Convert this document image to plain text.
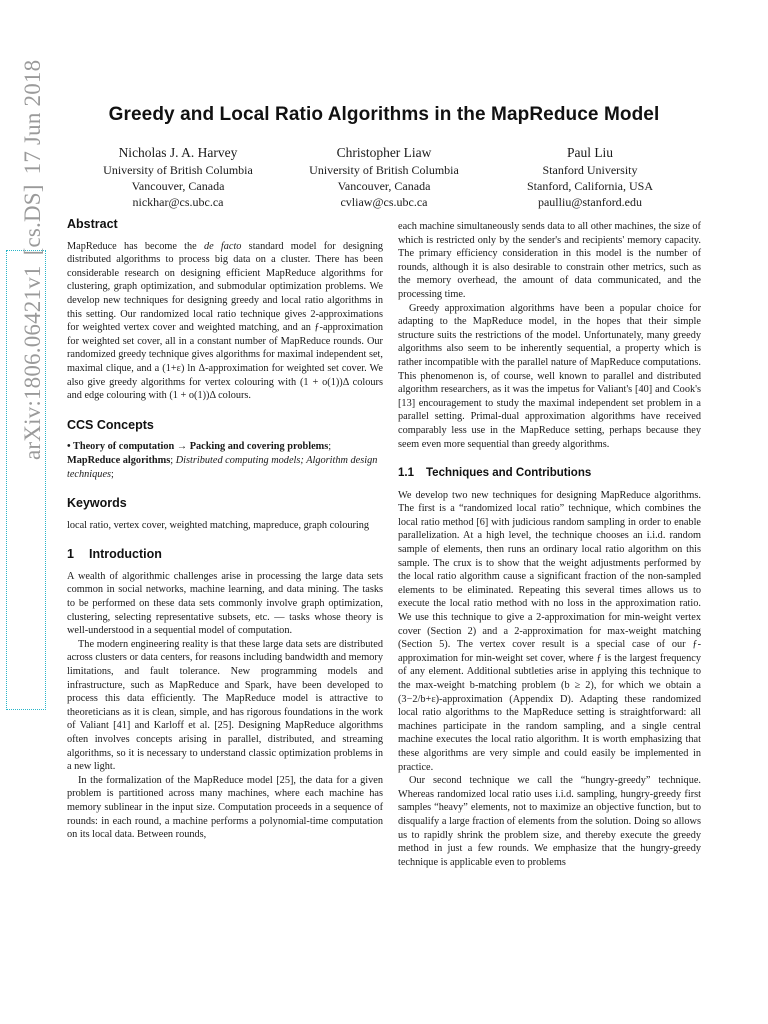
arXiv:1806.06421v1[cs.DS]17 Jun 2018	Greedy and Local Ratio Algorithms in the MapReduce Model
Nicholas J. A. Harvey
University of British Columbia
Vancouver, Canada
nickhar@cs.ubc.ca
Christopher Liaw
University of British Columbia
Vancouver, Canada
cvliaw@cs.ubc.ca
Paul Liu
Stanford University
Stanford, California, USA
paulliu@stanford.edu
Abstract

MapReduce has become the de facto standard model for designing distributed algorithms to process big data on a cluster. There has been considerable research on designing efficient MapReduce algorithms for clustering, graph optimization, and submodular optimization problems. We develop new techniques for designing greedy and local ratio algorithms in this setting. Our randomized local ratio technique gives 2-approximations for weighted vertex cover and weighted matching, and an ƒ-approximation for weighted set cover, all in a constant number of MapReduce rounds. Our randomized greedy technique gives algorithms for maximal independent set, maximal clique, and a (1+ε) ln Δ-approximation for weighted set cover. We also give greedy algorithms for vertex colouring with (1 + o(1))Δ colours and edge colouring with (1 + o(1))Δ colours.

CCS Concepts

• Theory of computation → Packing and covering problems; MapReduce algorithms; Distributed computing models; Algorithm design techniques;

Keywords

local ratio, vertex cover, weighted matching, mapreduce, graph colouring

1 Introduction

A wealth of algorithmic challenges arise in processing the large data sets common in social networks, machine learning, and data mining. The tasks to be performed on these data sets commonly involve graph optimization, clustering, selecting representative subsets, etc. — tasks whose theory is well-understood in a sequential model of computation.

The modern engineering reality is that these large data sets are distributed across clusters or data centers, for reasons including bandwidth and memory limitations, and fault tolerance. New programming models and infrastructure, such as MapReduce and Spark, have been developed to process this data efficiently. The MapReduce model is attractive to theoreticians as it is clean, simple, and has rigorous foundations in the work of Valiant [41] and Karloff et al. [25]. Designing MapReduce algorithms often involves concepts arising in parallel, distributed, and streaming algorithms, so it is necessary to understand classic optimization problems in a new light.

In the formalization of the MapReduce model [25], the data for a given problem is partitioned across many machines, where each machine has memory sublinear in the input size. Computation proceeds in a sequence of rounds: in each round, a machine performs a polynomial-time computation on its local data. Between rounds,

each machine simultaneously sends data to all other machines, the size of which is restricted only by the sender's and recipients' memory capacity. The primary efficiency consideration in this model is the number of rounds, although it is also desirable to constrain other metrics, such as the memory overhead, the amount of data communicated, and the processing time.

Greedy approximation algorithms have been a popular choice for adapting to the MapReduce model, in the hopes that their simple structure suits the restrictions of the model. Unfortunately, many greedy algorithms also seem to be inherently sequential, a property which is rather incompatible with the parallel nature of MapReduce computations. This phenomenon is, of course, well known to parallel and distributed algorithm researchers, as it was the impetus for Valiant's [40] and Cook's [13] encouragement to study the maximal independent set problem in a parallel setting. Primal-dual approximation algorithms have received comparably less use in the MapReduce setting, perhaps because they seem even more sequential than greedy algorithms.

1.1 Techniques and Contributions

We develop two new techniques for designing MapReduce algorithms. The first is a “randomized local ratio” technique, which combines the local ratio method [6] with judicious random sampling in order to enable parallelization. At a high level, the technique chooses an i.i.d. random sample of elements, then runs an ordinary local ratio algorithm on this sample. The crux is to show that the weight adjustments performed by the local ratio algorithm cause a significant fraction of the non-sampled elements to be eliminated. Repeating this several times allows us to execute the local ratio method with no loss in the approximation ratio. We use this technique to give a 2-approximation for min-weight vertex cover (Section 2) and a 2-approximation for max-weight matching (Section 5). The vertex cover result is a special case of our ƒ-approximation for min-weight set cover, where ƒ is the largest frequency of any element. Additional subtleties arise in applying this technique to the max-weight b-matching problem (b ≥ 2), for which we obtain a (3−2/b+ε)-approximation (Appendix D). Adapting these randomized local ratio algorithms to the MapReduce setting is straightforward: all machines participate in the random sampling, and a single central machine executes the local ratio algorithm. It is worth emphasizing that these algorithms are very simple and could easily be implemented in practice.

Our second technique we call the “hungry-greedy” technique. Whereas randomized local ratio uses i.i.d. sampling, hungry-greedy first samples “heavy” elements, not to maximize an objective function, but to disqualify a large fraction of elements from the solution. Doing so allows us to rapidly shrink the problem size, and thereby execute the greedy method in just a few rounds. We emphasize that the hungry-greedy technique is applicable even to problems
